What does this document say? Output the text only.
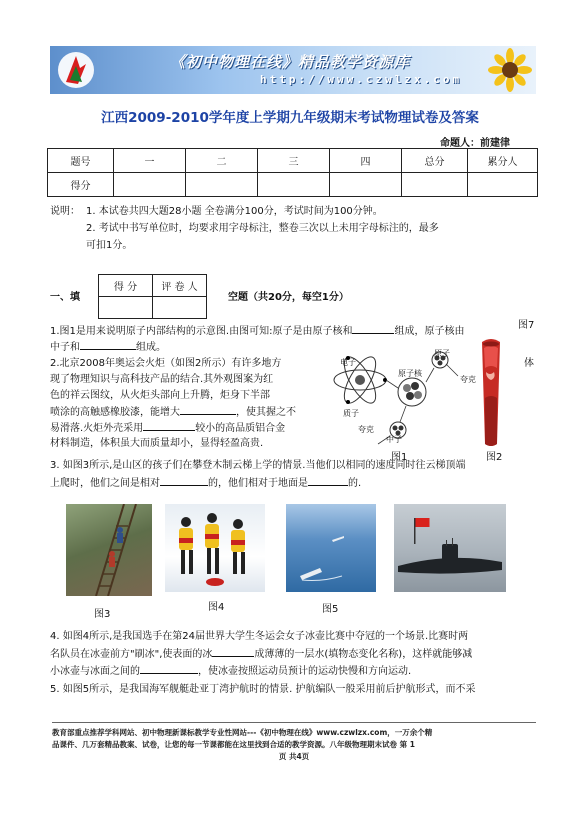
《初中物理在线》精品教学资源库
http://www.czwlzx.com
江西2009-2010学年度上学期九年级期末考试物理试卷及答案
命题人：前建律
题号	一	二	三	四	总分	累分人
得分						
说明： 1. 本试卷共四大题28小题 全卷满分100分，考试时间为100分钟。
2. 考试中书写单位时，均要求用字母标注，整卷三次以上未用字母标注的，最多
可扣1分。
得 分	评 卷 人

一、填	空题（共20分，每空1分）
1.图1是用来说明原子内部结构的示意图.由图可知:原子是由原子核和	组成，原子核由
图7
中子和	组成。
2.北京2008年奥运会火炬（如图2所示）有许多地方	体
现了物理知识与高科技产品的结合.其外观图案为红
色的祥云图纹，从火炬头部向上升腾，炬身下半部
喷涂的高触感橡胶漆，能增大	，使其握之不
易滑落.火炬外壳采用	较小的高品质铝合金
材料制造，体积虽大而质量却小，显得轻盈高贵.
电子
原子核
原子
夸克
质子
中子
夸克
图1	图2
3. 如图3所示,是山区的孩子们在攀登木制云梯上学的情景.当他们以相同的速度同时往云梯顶端
上爬时，他们之间是相对	的，他们相对于地面是	的.
图3
图4	图5
4. 如图4所示,是我国选手在第24届世界大学生冬运会女子冰壶比赛中夺冠的一个场景.比赛时两
名队员在冰壶前方"刷冰",使表面的冰	成薄薄的一层水(填物态变化名称)，这样就能够减
小冰壶与冰面之间的	，使冰壶按照运动员预计的运动快慢和方向运动.
5. 如图5所示，是我国海军舰艇赴亚丁湾护航时的情景. 护航编队一般采用前后护航形式，而不采
教育部重点推荐学科网站、初中物理新课标教学专业性网站---《初中物理在线》www.czwlzx.com，一万余个精
品课件、几万套精品教案、试卷，让您的每一节课都能在这里找到合适的教学资源。八年级物理期末试卷 第 1
页 共4页
